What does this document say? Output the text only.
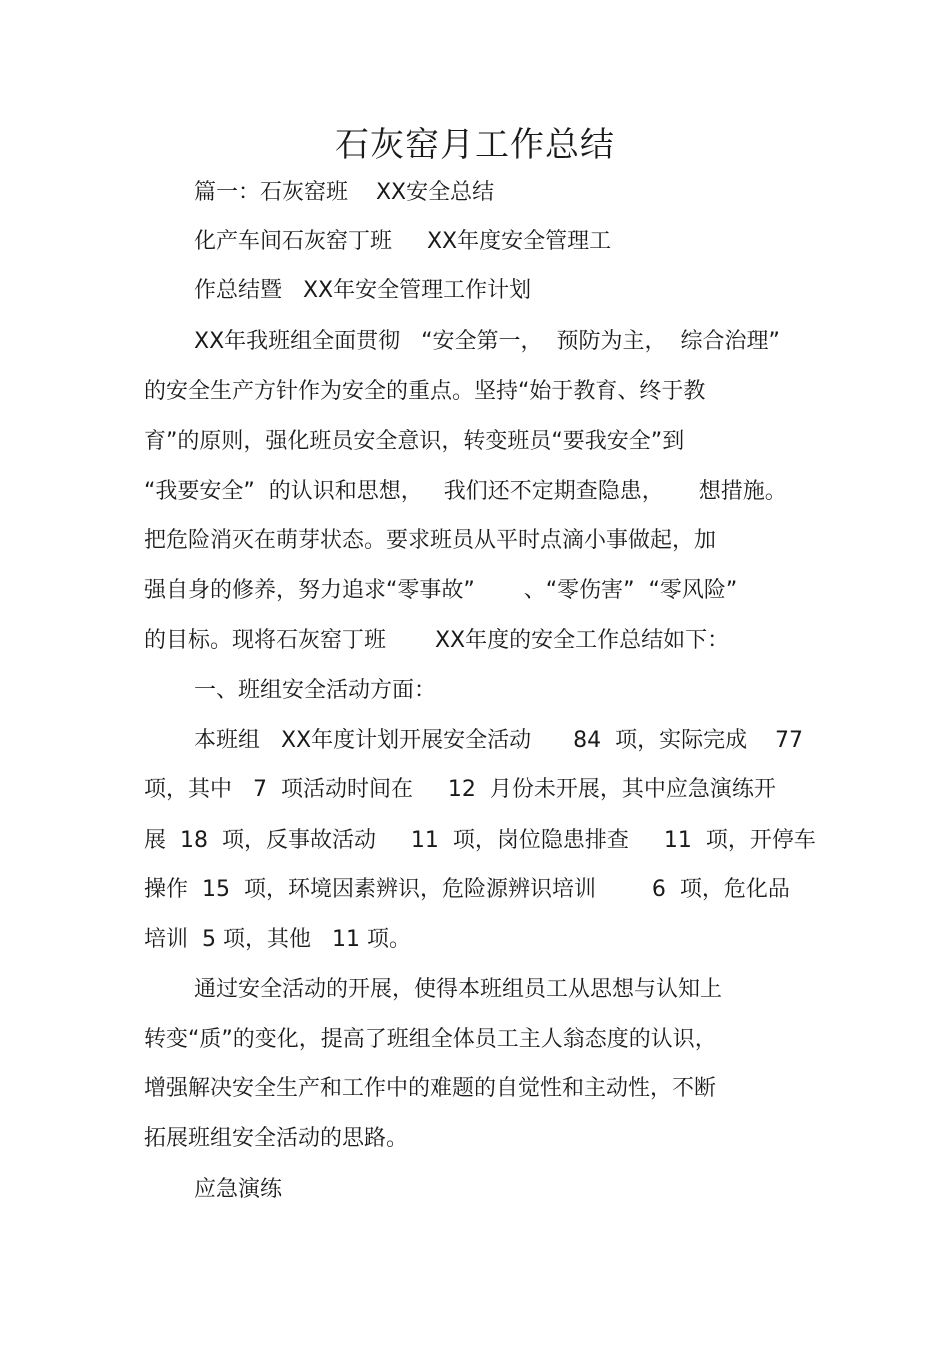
石灰窑月工作总结
篇一：石灰窑班    XX安全总结
化产车间石灰窑丁班     XX年度安全管理工
作总结暨   XX年安全管理工作计划
XX年我班组全面贯彻   “安全第一，  预防为主，  综合治理”
的安全生产方针作为安全的重点。坚持“始于教育、终于教
育”的原则，强化班员安全意识，转变班员“要我安全”到
“我要安全”  的认识和思想，   我们还不定期查隐患，     想措施。
把危险消灭在萌芽状态。要求班员从平时点滴小事做起，加
强自身的修养，努力追求“零事故”       、“零伤害”  “零风险”
的目标。现将石灰窑丁班       XX年度的安全工作总结如下：
一、班组安全活动方面：
本班组   XX年度计划开展安全活动      84  项，实际完成    77
项，其中   7  项活动时间在     12  月份未开展，其中应急演练开
展  18  项，反事故活动     11  项，岗位隐患排查     11  项，开停车
操作  15  项，环境因素辨识，危险源辨识培训        6  项，危化品
培训  5 项，其他   11 项。
通过安全活动的开展，使得本班组员工从思想与认知上
转变“质”的变化，提高了班组全体员工主人翁态度的认识，
增强解决安全生产和工作中的难题的自觉性和主动性，不断
拓展班组安全活动的思路。
应急演练
